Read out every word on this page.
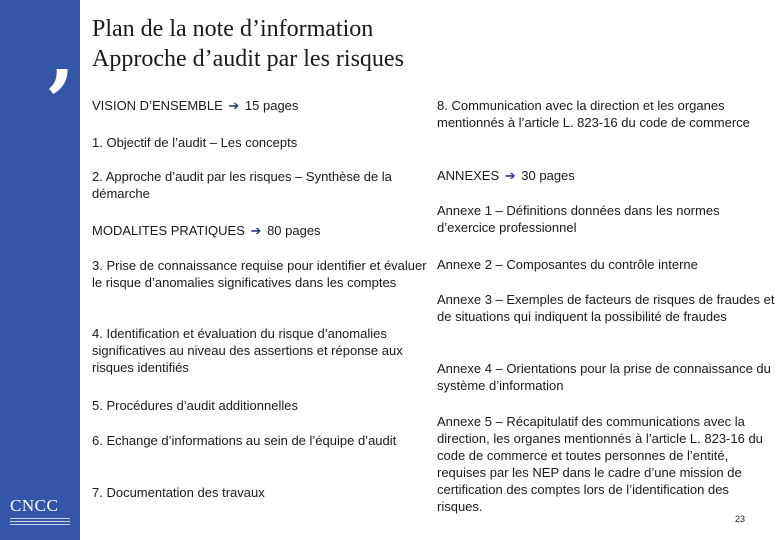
,
CNCC
Plan de la note d’information
Approche d’audit par les risques
VISION D’ENSEMBLE ➔ 15 pages
1. Objectif de l’audit – Les concepts
2. Approche d’audit par les risques – Synthèse de la démarche
MODALITES PRATIQUES ➔ 80 pages
3. Prise de connaissance requise pour identifier et évaluer le risque d’anomalies significatives dans les comptes
4. Identification et évaluation du risque d’anomalies significatives au niveau des assertions et réponse aux risques identifiés
5. Procédures d’audit additionnelles
6. Echange d’informations au sein de l’équipe d’audit
7. Documentation des travaux
8. Communication avec la direction et les organes mentionnés à l’article L. 823-16 du code de commerce
ANNEXES ➔ 30 pages
Annexe 1 – Définitions données dans les normes d’exercice professionnel
Annexe 2 – Composantes du contrôle interne
Annexe 3 – Exemples de facteurs de risques de fraudes et de situations qui indiquent la possibilité de fraudes
Annexe 4 – Orientations pour la prise de connaissance du système d’information
Annexe 5 – Récapitulatif des communications avec la direction, les organes mentionnés à l’article L. 823-16 du code de commerce et toutes personnes de l’entité, requises par les NEP dans le cadre d’une mission de certification des comptes lors de l’identification des risques.
23
